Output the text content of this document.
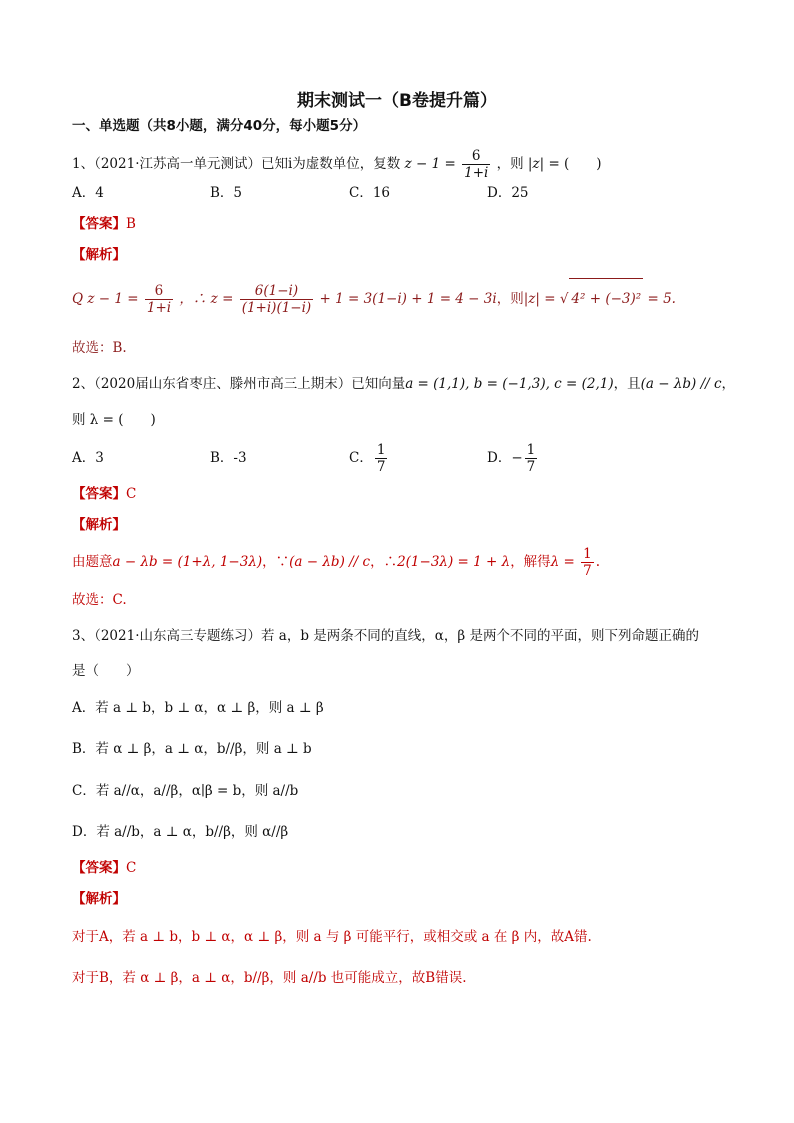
期末测试一（B卷提升篇）
一、单选题（共8小题，满分40分，每小题5分）
1、（2021·江苏高一单元测试）已知i为虚数单位，复数 $z - 1 = \frac{6}{1+i}$ ，则 |z| = (　　)
A．4	B．5	C．16	D．25
【答案】B
【解析】
Q $z - 1 = \frac{6}{1+i}$ ，∴ $z = \frac{6(1-i)}{(1+i)(1-i)} + 1 = 3(1-i) + 1 = 4 - 3i$，则|z| = √ 4² + (−3)² = 5.
故选：B.
2、（2020届山东省枣庄、滕州市高三上期末）已知向量a = (1,1), b = (−1,3), c = (2,1)，且(a − λb) // c，
则 λ = (　　)
A．3	B．-3	C． $\frac{1}{7}$	D．− $\frac{1}{7}$
【答案】C
【解析】
由题意a − λb = (1+λ, 1−3λ)，∵(a − λb) // c，∴2(1−3λ) = 1 + λ，解得$\lambda = \frac{1}{7}$ .
故选：C.
3、（2021·山东高三专题练习）若 a，b 是两条不同的直线，α，β 是两个不同的平面，则下列命题正确的
是（　　）
A．若 a ⊥ b，b ⊥ α，α ⊥ β，则 a ⊥ β
B．若 α ⊥ β，a ⊥ α，b//β，则 a ⊥ b
C．若 a//α，a//β，α∣β = b，则 a//b
D．若 a//b，a ⊥ α，b//β，则 α//β
【答案】C
【解析】
对于A，若 a ⊥ b，b ⊥ α，α ⊥ β，则 a 与 β 可能平行，或相交或 a 在 β 内，故A错.
对于B，若 α ⊥ β，a ⊥ α，b//β，则 a//b 也可能成立，故B错误.
